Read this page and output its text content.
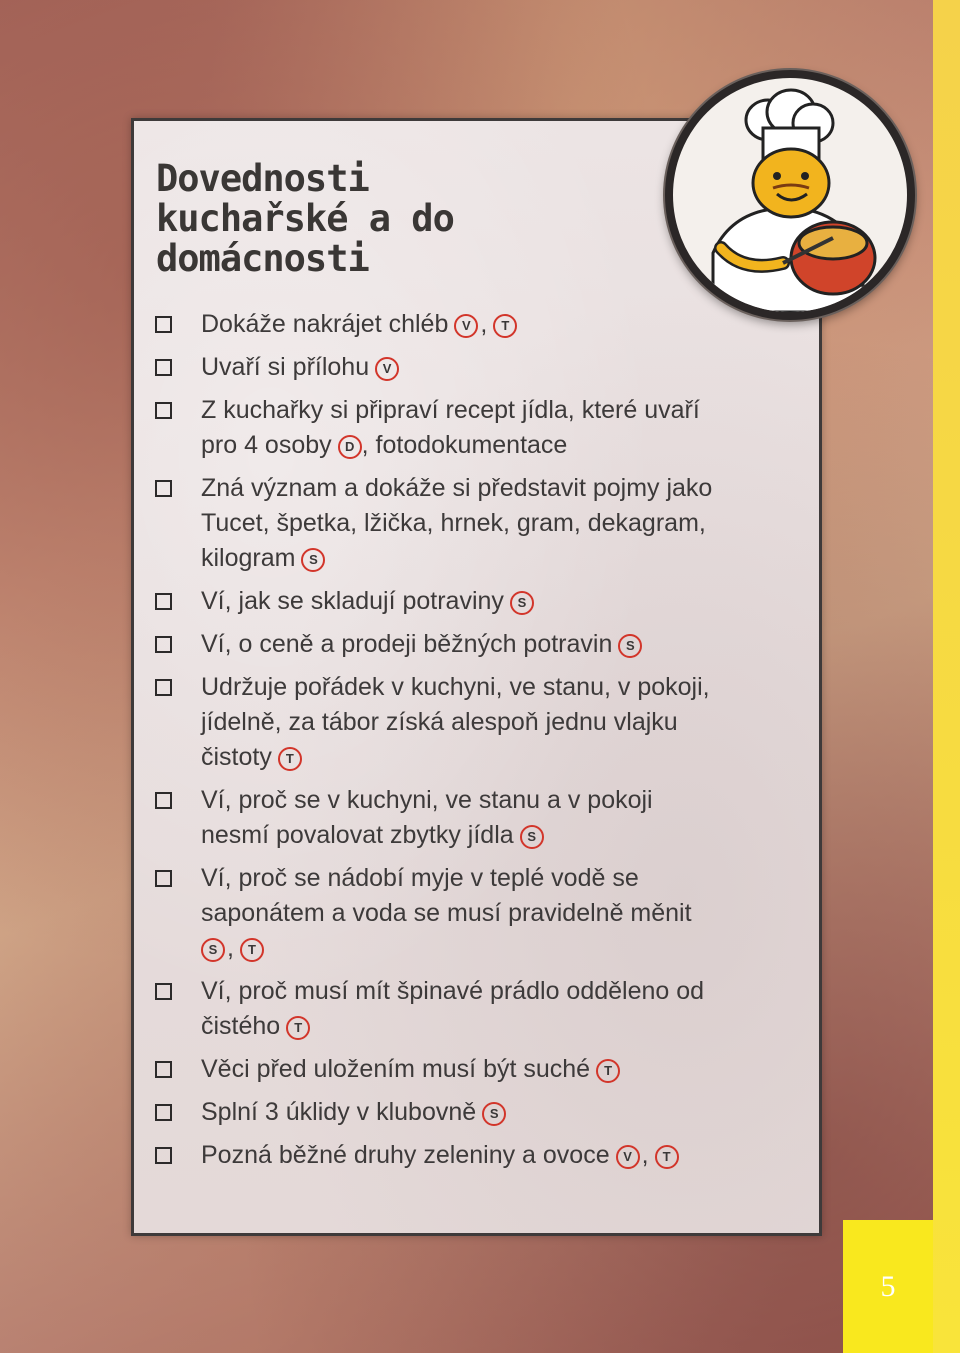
5
Dovednosti
kuchařské a do
domácnosti
Dokáže nakrájet chléb V , T
Uvaří si přílohu V
Z kuchařky si připraví recept jídla, které uvaří
pro 4 osoby D , fotodokumentace
Zná význam a dokáže si představit pojmy jako
Tucet, špetka, lžička, hrnek, gram, dekagram,
kilogram S
Ví, jak se skladují potraviny S
Ví, o ceně a prodeji běžných potravin S
Udržuje pořádek v kuchyni, ve stanu, v pokoji,
jídelně, za tábor získá alespoň jednu vlajku
čistoty T
Ví, proč se v kuchyni, ve stanu a v pokoji
nesmí povalovat zbytky jídla S
Ví, proč se nádobí myje v teplé vodě se
saponátem a voda se musí pravidelně měnit
S , T
Ví, proč musí mít špinavé prádlo odděleno od
čistého T
Věci před uložením musí být suché T
Splní 3 úklidy v klubovně S
Pozná běžné druhy zeleniny a ovoce V , T
